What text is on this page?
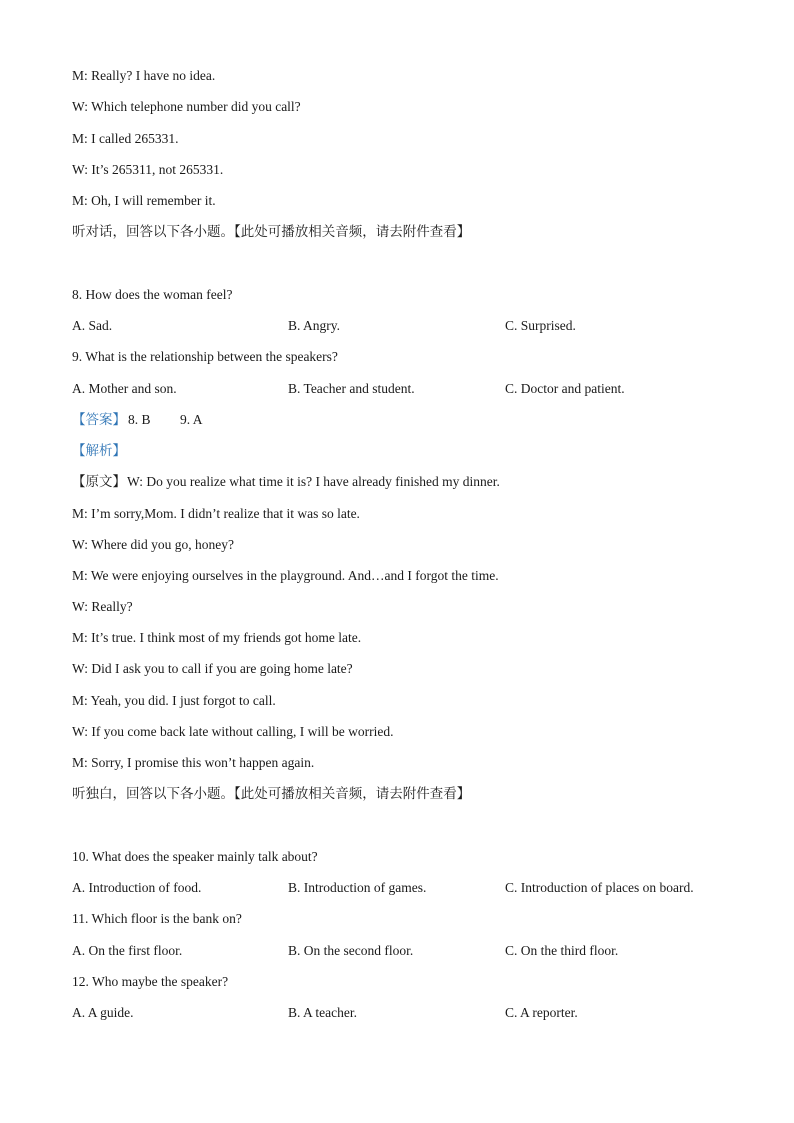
M: Really? I have no idea.
W: Which telephone number did you call?
M: I called 265331.
W: It’s 265311, not 265331.
M: Oh, I will remember it.
听对话，回答以下各小题。【此处可播放相关音频，请去附件查看】
8. How does the woman feel?
A. Sad.	B. Angry.	C. Surprised.
9. What is the relationship between the speakers?
A. Mother and son.	B. Teacher and student.	C. Doctor and patient.
【答案】 8. B 9. A
【解析】
【原文】 W: Do you realize what time it is? I have already finished my dinner.
M: I’m sorry,Mom. I didn’t realize that it was so late.
W: Where did you go, honey?
M: We were enjoying ourselves in the playground. And…and I forgot the time.
W: Really?
M: It’s true. I think most of my friends got home late.
W: Did I ask you to call if you are going home late?
M: Yeah, you did. I just forgot to call.
W: If you come back late without calling, I will be worried.
M: Sorry, I promise this won’t happen again.
听独白，回答以下各小题。【此处可播放相关音频，请去附件查看】
10. What does the speaker mainly talk about?
A. Introduction of food.	B. Introduction of games.	C. Introduction of places on board.
11. Which floor is the bank on?
A. On the first floor.	B. On the second floor.	C. On the third floor.
12. Who maybe the speaker?
A. A guide.	B. A teacher.	C. A reporter.
